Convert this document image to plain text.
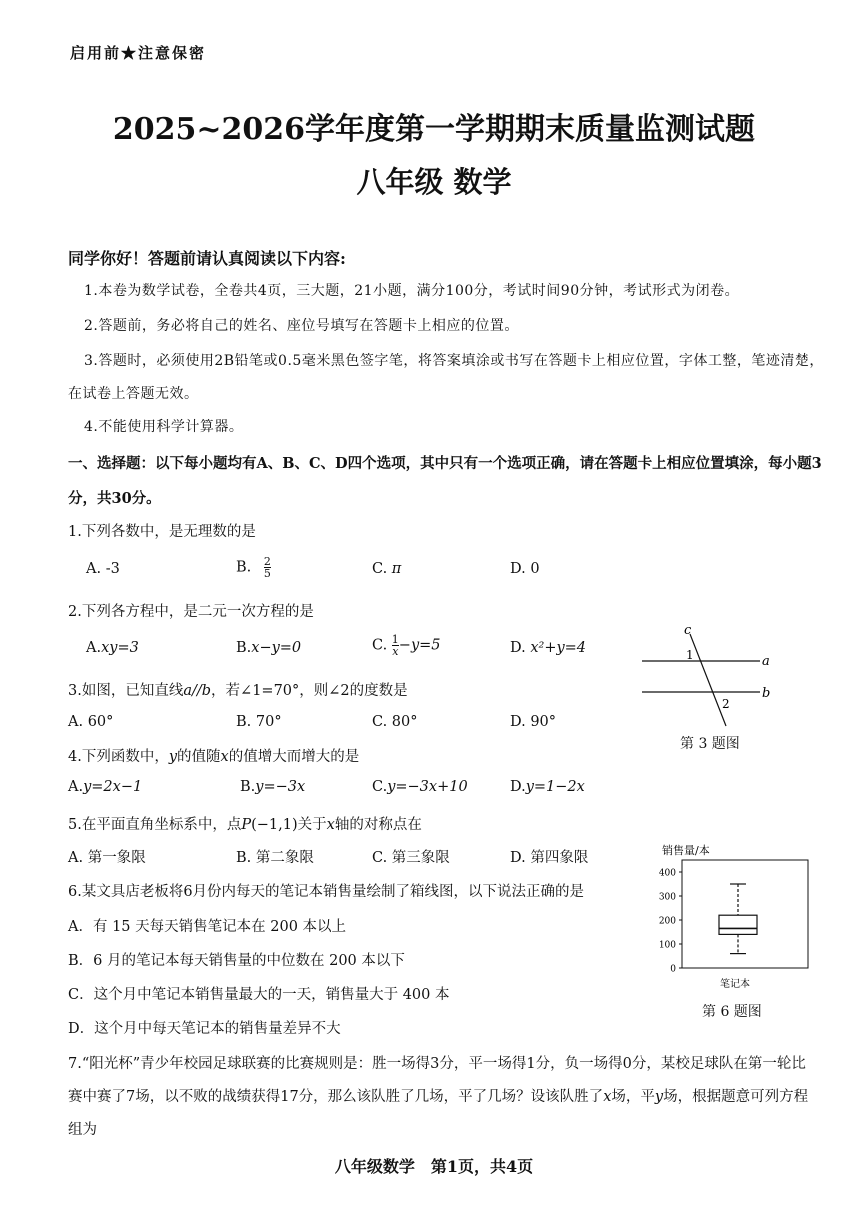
启用前★注意保密
2025~2026学年度第一学期期末质量监测试题
八年级 数学
同学你好！答题前请认真阅读以下内容:
1.本卷为数学试卷，全卷共4页，三大题，21小题，满分100分，考试时间90分钟，考试形式为闭卷。
2.答题前，务必将自己的姓名、座位号填写在答题卡上相应的位置。
3.答题时，必须使用2B铅笔或0.5毫米黑色签字笔，将答案填涂或书写在答题卡上相应位置，字体工整，笔迹清楚，
在试卷上答题无效。
4.不能使用科学计算器。
一、选择题：以下每小题均有A、B、C、D四个选项，其中只有一个选项正确，请在答题卡上相应位置填涂，每小题3
分，共30分。
1.下列各数中，是无理数的是
A. -3	B. $\frac{2}{5}$	C. π	D. 0
2.下列各方程中，是二元一次方程的是
A.xy=3	B.x−y=0	C. $\frac{1}{x} -y=5$	D. x²+y=4
3.如图，已知直线a//b，若∠1=70°，则∠2的度数是
A. 60°	B. 70°	C. 80°	D. 90°
c
a
b
1
2
第 3 题图
4.下列函数中，y的值随x的值增大而增大的是
A.y=2x−1	B.y=−3x	C.y=−3x+10	D.y=1−2x
5.在平面直角坐标系中，点P(−1,1)关于x轴的对称点在
A. 第一象限	B. 第二象限	C. 第三象限	D. 第四象限
6.某文具店老板将6月份内每天的笔记本销售量绘制了箱线图，以下说法正确的是
A．有 15 天每天销售笔记本在 200 本以上
B．6 月的笔记本每天销售量的中位数在 200 本以下
C．这个月中笔记本销售量最大的一天，销售量大于 400 本
D．这个月中每天笔记本的销售量差异不大
销售量/本
400
300
200
100
0
笔记本
第 6 题图
7.“阳光杯”青少年校园足球联赛的比赛规则是：胜一场得3分，平一场得1分，负一场得0分，某校足球队在第一轮比
赛中赛了7场，以不败的战绩获得17分，那么该队胜了几场，平了几场？设该队胜了x场，平y场，根据题意可列方程
组为
八年级数学　第1页，共4页
